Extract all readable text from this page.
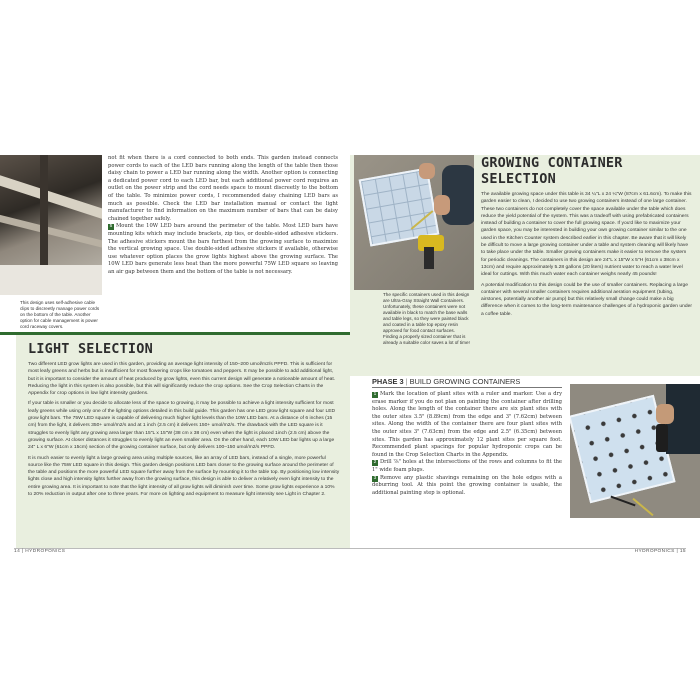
This design uses self-adhesive cable clips to discreetly manage power cords on the bottom of the table. Another option for cable management is power cord raceway covers.

not fit when there is a cord connected to both ends. This garden instead connects power cords to each of the LED bars running along the length of the table then those daisy chain to power a LED bar running along the width. Another option is connecting a dedicated power cord to each LED bar, but each additional power cord requires an outlet on the power strip and the cord needs space to mount discreetly to the bottom of the table. To minimize power cords, I recommended daisy chaining LED bars as much as possible. Check the LED bar installation manual or contact the light manufacturer to find information on the maximum number of bars that can be daisy chained together safely.

5 Mount the 10W LED bars around the perimeter of the table. Most LED bars have mounting kits which may include brackets, zip ties, or double-sided adhesive stickers. The adhesive stickers mount the bars furthest from the growing surface to maximize the vertical growing space. Use double-sided adhesive stickers if available, otherwise use whatever option places the grow lights highest above the growing surface. The 10W LED bars generate less heat than the more powerful 75W LED square so leaving an air gap between them and the bottom of the table is not necessary.

LIGHT SELECTION

Two different LED grow lights are used in this garden, providing an average light intensity of 150–200 umol/m2/s PPFD. This is sufficient for most leafy greens and herbs but is insufficient for most flowering crops like tomatoes and peppers. It may be possible to add additional light, but it is important to consider the amount of heat produced by grow lights, even this current design will generate a noticeable amount of heat. Reducing the light in this system is also possible, but this will significantly reduce the crop options. See the Crop Selection Charts in the Appendix for crop options in low light intensity gardens.

If your table is smaller or you decide to allocate less of the space to growing, it may be possible to achieve a light intensity sufficient for most leafy greens while using only one of the lighting options detailed in this build guide. This garden has one LED grow light square and four LED grow light bars. The 75W LED square is capable of delivering much higher light levels than the 10W LED bars. At a distance of 6 inches (15 cm) from the light, it delivers 350+ umol/m2/s and at 1 inch (2.5 cm) it delivers 150+ umol/m2/s. The drawback with the LED square is it struggles to evenly light any growing area larger than 15"L x 15"W (38 cm x 38 cm) even when the light is placed 1inch (2.5 cm) above the growing surface. At closer distances it struggles to evenly light an even smaller area. On the other hand, each 10W LED bar lights up a large 24" L x 6"W (61cm x 15cm) section of the growing container surface, but only delivers 100–150 umol/m2/s PPFD.

It is much easier to evenly light a large growing area using multiple sources, like an array of LED bars, instead of a single, more powerful source like the 75W LED square in this design. This garden design positions LED bars closer to the growing surface around the perimeter of the table and positions the more powerful LED square further away from the surface by mounting it to the table top. By positioning low intensity lights close and high intensity lights further away from the growing surface, this design is able to deliver a relatively even light intensity to the entire growing area. It is important to note that the light intensity of all grow lights will diminish over time. Some grow lights experience a 10% to 20% reduction in output after one to three years. For more on lighting and equipment to measure light intensity see Light in Chapter 2.

The specific containers used in this design are Ultra-Gray Straight Wall Containers. Unfortunately, these containers were not available in black to match the base walls and table legs, so they were painted black and coated in a table top epoxy resin approved for food contact surfaces. Finding a properly sized container that is already a suitable color saves a lot of time!
GROWING CONTAINER SELECTION

The available growing space under this table is 34 ¼"L x 24 ¼"W (87cm x 61.6cm). To make this garden easier to clean, I decided to use two growing containers instead of one large container. These two containers do not completely cover the space available under the table which does reduce the yield potential of the system. This was a tradeoff with using prefabricated containers instead of building a container to cover the full growing space. If you'd like to maximize your garden space, you may be interested in building your own growing container similar to the one used in the Kitchen Counter system described earlier in this chapter. Be aware that it will likely be difficult to move a large growing container under a table and system cleaning will likely have to take place under the table. Smaller growing containers make it easier to remove the system for periodic cleanings. The containers in this design are 24"L x 15"W x 5"H (61cm x 38cm x 13cm) and require approximately 5.28 gallons (20 liters) nutrient water to reach a water level ideal for cuttings. With this much water each container weighs nearly 45 pounds!

A potential modification to this design could be the use of smaller containers. Replacing a large container with several smaller containers requires additional aeration equipment (tubing, airstones, potentially another air pump) but this relatively small change could make a big difference when it comes to the long-term maintenance challenges of a hydroponic garden under a coffee table.

PHASE 3 | BUILD GROWING CONTAINERS

1 Mark the location of plant sites with a ruler and marker. Use a dry erase marker if you do not plan on painting the container after drilling holes. Along the length of the container there are six plant sites with the outer sites 3.5" (8.89cm) from the edge and 3" (7.62cm) between sites. Along the width of the container there are four plant sites with the outer sites 3" (7.63cm) from the edge and 2.5" (6.35cm) between sites. This garden has approximately 12 plant sites per square foot. Recommended plant spacings for popular hydroponic crops can be found in the Crop Selection Charts in the Appendix.

2 Drill ⅞" holes at the intersections of the rows and columns to fit the 1" wide foam plugs.

3 Remove any plastic shavings remaining on the hole edges with a deburring tool. At this point the growing container is usable, the additional painting step is optional.

14 | HYDROPONICS	HYDROPONICS | 15
